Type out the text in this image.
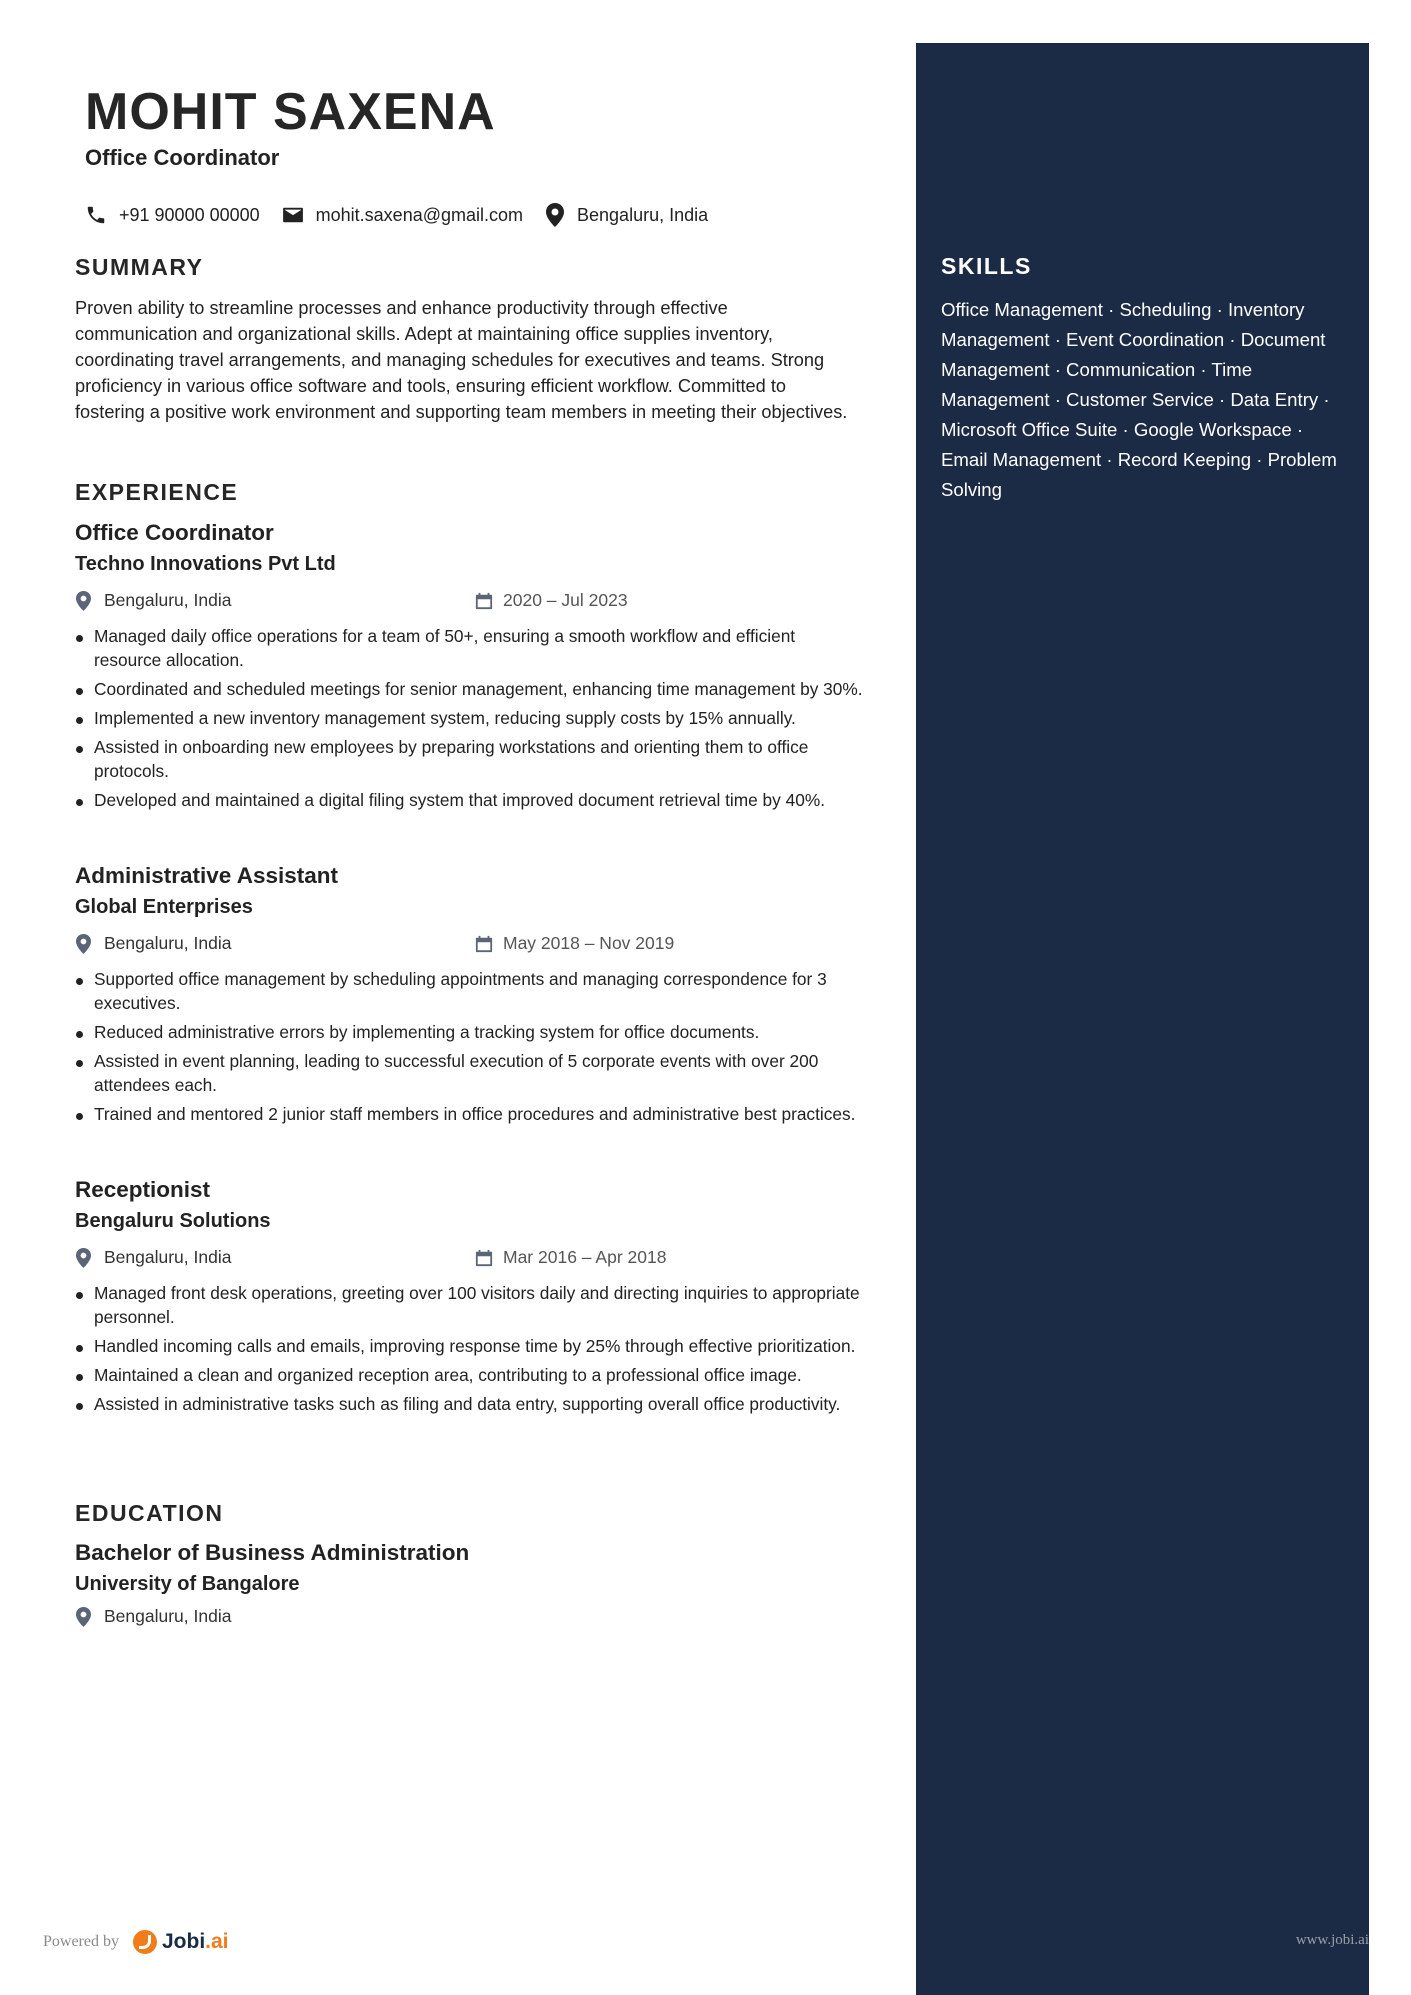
SKILLS
Office Management · Scheduling · Inventory Management · Event Coordination · Document Management · Communication · Time Management · Customer Service · Data Entry · Microsoft Office Suite · Google Workspace · Email Management · Record Keeping · Problem Solving
MOHIT SAXENA
Office Coordinator
+91 90000 00000	mohit.saxena@gmail.com	Bengaluru, India
SUMMARY
Proven ability to streamline processes and enhance productivity through effective communication and organizational skills. Adept at maintaining office supplies inventory, coordinating travel arrangements, and managing schedules for executives and teams. Strong proficiency in various office software and tools, ensuring efficient workflow. Committed to fostering a positive work environment and supporting team members in meeting their objectives.
EXPERIENCE
Office Coordinator
Techno Innovations Pvt Ltd
Bengaluru, India	2020 – Jul 2023
Managed daily office operations for a team of 50+, ensuring a smooth workflow and efficient resource allocation.
Coordinated and scheduled meetings for senior management, enhancing time management by 30%.
Implemented a new inventory management system, reducing supply costs by 15% annually.
Assisted in onboarding new employees by preparing workstations and orienting them to office protocols.
Developed and maintained a digital filing system that improved document retrieval time by 40%.
Administrative Assistant
Global Enterprises
Bengaluru, India	May 2018 – Nov 2019
Supported office management by scheduling appointments and managing correspondence for 3 executives.
Reduced administrative errors by implementing a tracking system for office documents.
Assisted in event planning, leading to successful execution of 5 corporate events with over 200 attendees each.
Trained and mentored 2 junior staff members in office procedures and administrative best practices.
Receptionist
Bengaluru Solutions
Bengaluru, India	Mar 2016 – Apr 2018
Managed front desk operations, greeting over 100 visitors daily and directing inquiries to appropriate personnel.
Handled incoming calls and emails, improving response time by 25% through effective prioritization.
Maintained a clean and organized reception area, contributing to a professional office image.
Assisted in administrative tasks such as filing and data entry, supporting overall office productivity.
EDUCATION
Bachelor of Business Administration
University of Bangalore
Bengaluru, India
Powered by Jobi.ai	www.jobi.ai
